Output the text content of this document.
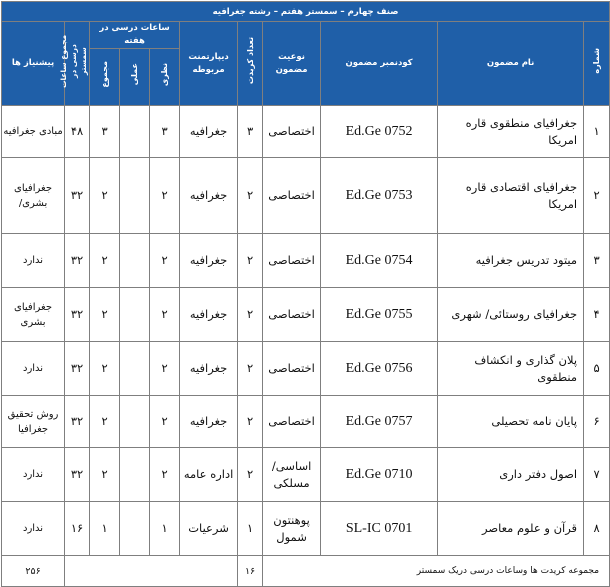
صنف چهارم – سمستر هفتم – رشته جغرافیه										
شماره	نام مضمون	کودنمبر مضمون	نوعیت مضمون	تعداد کریدت	دیپارتمنت مربوطه	ساعات درسی در هفته			مجموع ساعات درسی در سمستر	پیشنیاز ها
						نظری	عملی	مجموع		
۱	جغرافیای منطقوی قاره امریکا	Ed.Ge 0752	اختصاصی	۳	جغرافیه	۳		۳	۴۸	مبادی جغرافیه
۲	جغرافیای اقتصادی قاره امریکا	Ed.Ge 0753	اختصاصی	۲	جغرافیه	۲		۲	۳۲	جغرافیای بشری/
۳	میتود تدریس جغرافیه	Ed.Ge 0754	اختصاصی	۲	جغرافیه	۲		۲	۳۲	ندارد
۴	جغرافیای روستائی/ شهری	Ed.Ge 0755	اختصاصی	۲	جغرافیه	۲		۲	۳۲	جغرافیای بشری
۵	پلان گذاری و انکشاف منطقوی	Ed.Ge 0756	اختصاصی	۲	جغرافیه	۲		۲	۳۲	ندارد
۶	پایان نامه تحصیلی	Ed.Ge 0757	اختصاصی	۲	جغرافیه	۲		۲	۳۲	روش تحقیق جغرافیا
۷	اصول دفتر داری	Ed.Ge 0710	اساسی/ مسلکی	۲	اداره عامه	۲		۲	۳۲	ندارد
۸	قرآن و علوم معاصر	SL-IC 0701	پوهنتون شمول	۱	شرعیات	۱		۱	۱۶	ندارد
مجموعه کریدت ها وساعات درسی دریک سمستر				۱۶						۲۵۶
